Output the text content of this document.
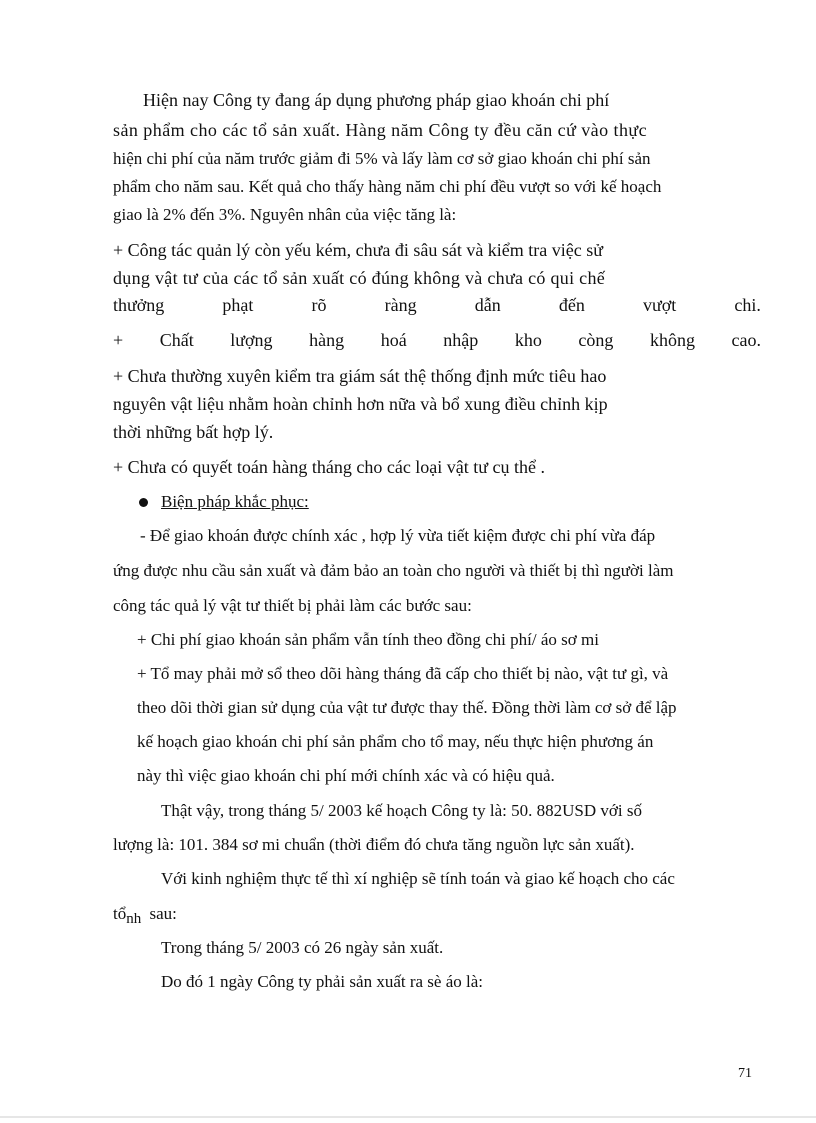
Hiện nay Công ty đang áp dụng phương pháp giao khoán chi phí
sản phẩm cho các tổ sản xuất. Hàng năm Công ty đều căn cứ vào thực
hiện chi phí của năm trước giảm đi 5% và lấy làm cơ sở giao khoán chi phí sản
phẩm cho năm sau. Kết quả cho thấy hàng năm chi phí đều vượt so với kế hoạch
giao là 2% đến 3%. Nguyên nhân của việc tăng là:
+ Công tác quản lý còn yếu kém, chưa đi sâu sát và kiểm tra việc sử
dụng vật tư của các tổ sản xuất có đúng không và chưa có qui chế
thưởng	phạt	rõ	ràng	dẫn	đến	vượt	chi.
+ Chất lượng hàng hoá nhập kho còng không cao.
+ Chưa thường xuyên kiểm tra giám sát thệ thống định mức tiêu hao
nguyên vật liệu nhằm hoàn chỉnh hơn nữa và bổ xung điều chỉnh kịp
thời những bất hợp lý.
+ Chưa có quyết toán hàng tháng cho các loại vật tư cụ thể .
Biện pháp khắc phục:
- Để giao khoán được chính xác , hợp lý vừa tiết kiệm được chi phí vừa đáp
ứng được nhu cầu sản xuất và đảm bảo an toàn cho người và thiết bị thì người làm
công tác quả lý vật tư thiết bị phải làm các bước sau:
+ Chi phí giao khoán sản phẩm vẫn tính theo đồng chi phí/ áo sơ mi
+ Tổ may phải mở sổ theo dõi hàng tháng đã cấp cho thiết bị nào, vật tư gì, và
theo dõi thời gian sử dụng của vật tư được thay thế. Đồng thời làm cơ sở để lập
kế hoạch giao khoán chi phí sản phẩm cho tổ may, nếu thực hiện phương án
này thì việc giao khoán chi phí mới chính xác và có hiệu quả.
Thật vậy, trong tháng 5/ 2003 kế hoạch Công ty là: 50. 882USD với số
lượng là: 101. 384 sơ mi chuẩn (thời điểm đó chưa tăng nguồn lực sản xuất).
Với kinh nghiệm thực tế thì xí nghiệp sẽ tính toán và giao kế hoạch cho các
tổnh sau:
Trong tháng 5/ 2003 có 26 ngày sản xuất.
Do đó 1 ngày Công ty phải sản xuất ra sè áo là:
71
